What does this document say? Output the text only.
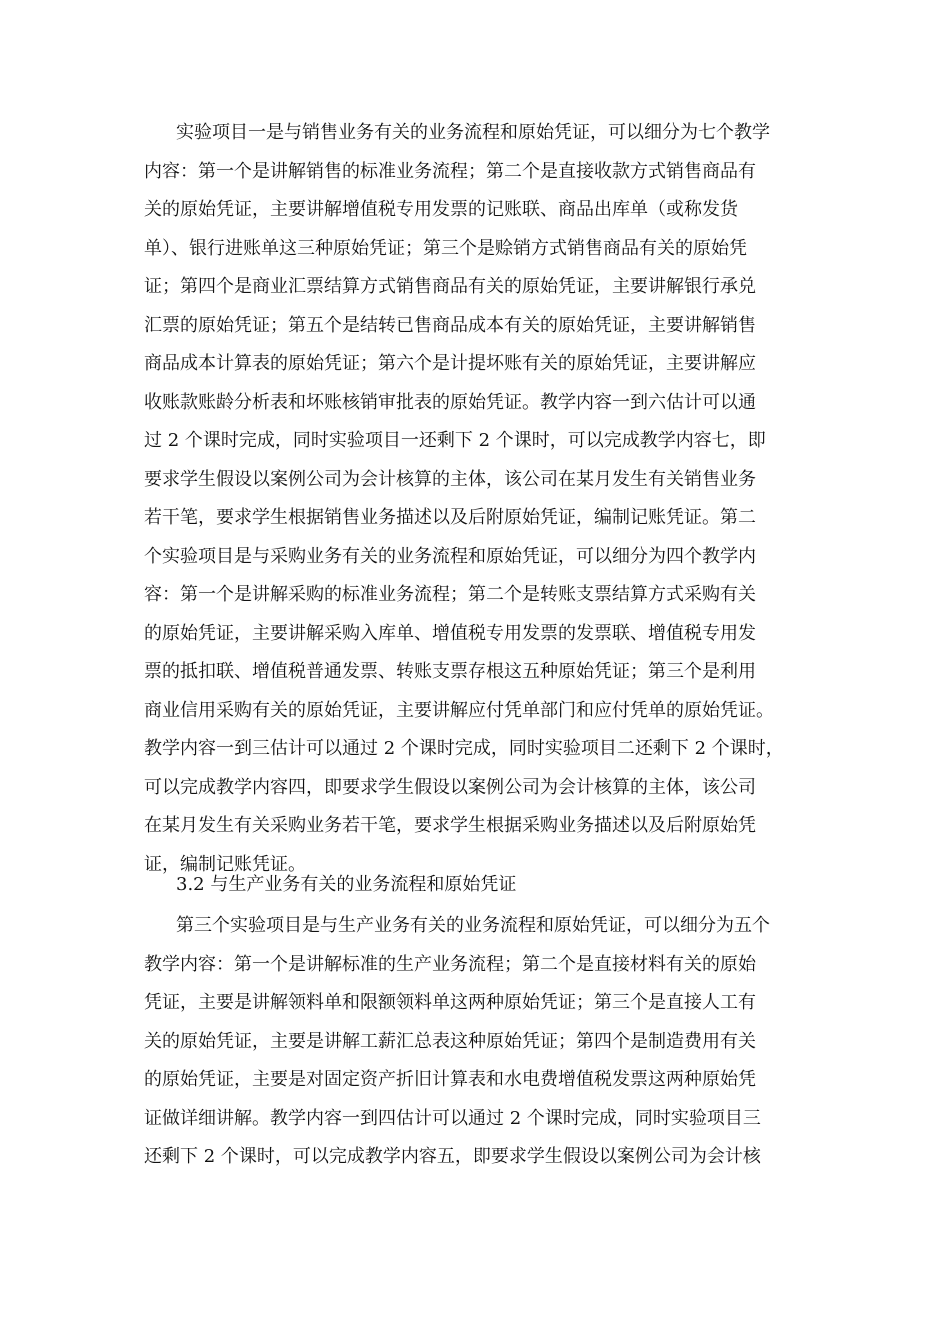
实验项目一是与销售业务有关的业务流程和原始凭证，可以细分为七个教学
内容：第一个是讲解销售的标准业务流程；第二个是直接收款方式销售商品有
关的原始凭证，主要讲解增值税专用发票的记账联、商品出库单（或称发货
单）、银行进账单这三种原始凭证；第三个是赊销方式销售商品有关的原始凭
证；第四个是商业汇票结算方式销售商品有关的原始凭证，主要讲解银行承兑
汇票的原始凭证；第五个是结转已售商品成本有关的原始凭证，主要讲解销售
商品成本计算表的原始凭证；第六个是计提坏账有关的原始凭证，主要讲解应
收账款账龄分析表和坏账核销审批表的原始凭证。教学内容一到六估计可以通
过 2 个课时完成，同时实验项目一还剩下 2 个课时，可以完成教学内容七，即
要求学生假设以案例公司为会计核算的主体，该公司在某月发生有关销售业务
若干笔，要求学生根据销售业务描述以及后附原始凭证，编制记账凭证。第二
个实验项目是与采购业务有关的业务流程和原始凭证，可以细分为四个教学内
容：第一个是讲解采购的标准业务流程；第二个是转账支票结算方式采购有关
的原始凭证，主要讲解采购入库单、增值税专用发票的发票联、增值税专用发
票的抵扣联、增值税普通发票、转账支票存根这五种原始凭证；第三个是利用
商业信用采购有关的原始凭证，主要讲解应付凭单部门和应付凭单的原始凭证。
教学内容一到三估计可以通过 2 个课时完成，同时实验项目二还剩下 2 个课时，
可以完成教学内容四，即要求学生假设以案例公司为会计核算的主体，该公司
在某月发生有关采购业务若干笔，要求学生根据采购业务描述以及后附原始凭
证，编制记账凭证。
3.2 与生产业务有关的业务流程和原始凭证
第三个实验项目是与生产业务有关的业务流程和原始凭证，可以细分为五个
教学内容：第一个是讲解标准的生产业务流程；第二个是直接材料有关的原始
凭证，主要是讲解领料单和限额领料单这两种原始凭证；第三个是直接人工有
关的原始凭证，主要是讲解工薪汇总表这种原始凭证；第四个是制造费用有关
的原始凭证，主要是对固定资产折旧计算表和水电费增值税发票这两种原始凭
证做详细讲解。教学内容一到四估计可以通过 2 个课时完成，同时实验项目三
还剩下 2 个课时，可以完成教学内容五，即要求学生假设以案例公司为会计核
